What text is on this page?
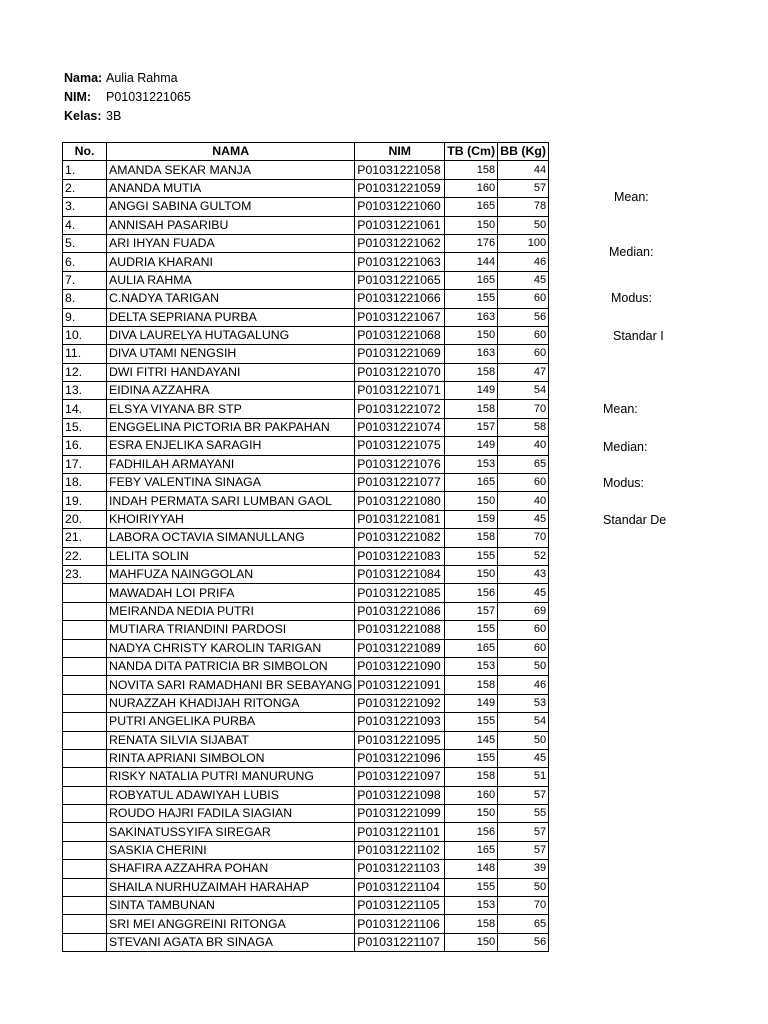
Nama: Aulia Rahma
NIM:	P01031221065
Kelas: 3B
No.	NAMA	NIM	TB (Cm)	BB (Kg)
1.	AMANDA SEKAR MANJA	P01031221058	158	44
2.	ANANDA MUTIA	P01031221059	160	57
3.	ANGGI SABINA GULTOM	P01031221060	165	78
4.	ANNISAH PASARIBU	P01031221061	150	50
5.	ARI IHYAN FUADA	P01031221062	176	100
6.	AUDRIA KHARANI	P01031221063	144	46
7.	AULIA RAHMA	P01031221065	165	45
8.	C.NADYA TARIGAN	P01031221066	155	60
9.	DELTA SEPRIANA PURBA	P01031221067	163	56
10.	DIVA LAURELYA HUTAGALUNG	P01031221068	150	60
11.	DIVA UTAMI NENGSIH	P01031221069	163	60
12.	DWI FITRI HANDAYANI	P01031221070	158	47
13.	EIDINA AZZAHRA	P01031221071	149	54
14.	ELSYA VIYANA BR STP	P01031221072	158	70
15.	ENGGELINA PICTORIA BR PAKPAHAN	P01031221074	157	58
16.	ESRA ENJELIKA SARAGIH	P01031221075	149	40
17.	FADHILAH ARMAYANI	P01031221076	153	65
18.	FEBY VALENTINA SINAGA	P01031221077	165	60
19.	INDAH PERMATA SARI LUMBAN GAOL	P01031221080	150	40
20.	KHOIRIYYAH	P01031221081	159	45
21.	LABORA OCTAVIA SIMANULLANG	P01031221082	158	70
22.	LELITA SOLIN	P01031221083	155	52
23.	MAHFUZA NAINGGOLAN	P01031221084	150	43
	MAWADAH LOI PRIFA	P01031221085	156	45
	MEIRANDA NEDIA PUTRI	P01031221086	157	69
	MUTIARA TRIANDINI PARDOSI	P01031221088	155	60
	NADYA CHRISTY KAROLIN TARIGAN	P01031221089	165	60
	NANDA DITA PATRICIA BR SIMBOLON	P01031221090	153	50
	NOVITA SARI RAMADHANI BR SEBAYANG	P01031221091	158	46
	NURAZZAH KHADIJAH RITONGA	P01031221092	149	53
	PUTRI ANGELIKA PURBA	P01031221093	155	54
	RENATA SILVIA SIJABAT	P01031221095	145	50
	RINTA APRIANI SIMBOLON	P01031221096	155	45
	RISKY NATALIA PUTRI MANURUNG	P01031221097	158	51
	ROBYATUL ADAWIYAH LUBIS	P01031221098	160	57
	ROUDO HAJRI FADILA SIAGIAN	P01031221099	150	55
	SAKINATUSSYIFA SIREGAR	P01031221101	156	57
	SASKIA CHERINI	P01031221102	165	57
	SHAFIRA AZZAHRA POHAN	P01031221103	148	39
	SHAILA NURHUZAIMAH HARAHAP	P01031221104	155	50
	SINTA TAMBUNAN	P01031221105	153	70
	SRI MEI ANGGREINI RITONGA	P01031221106	158	65
	STEVANI AGATA BR SINAGA	P01031221107	150	56
Mean:
Median:
Modus:
Standar I
Mean:
Median:
Modus:
Standar De
